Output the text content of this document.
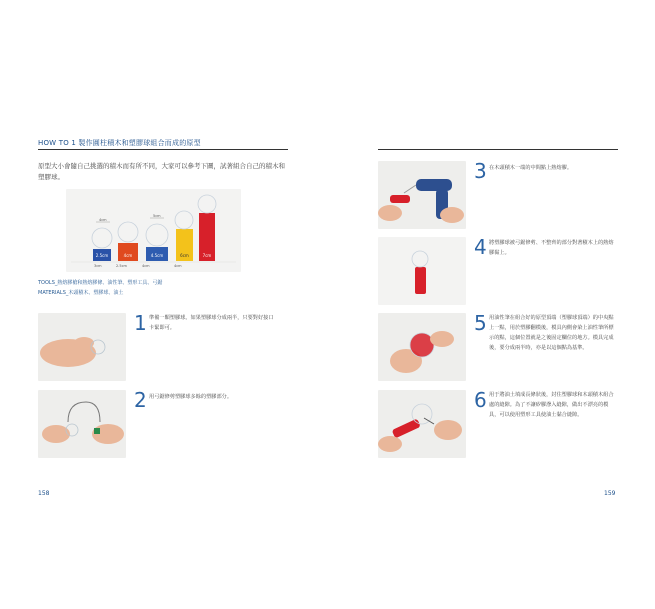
HOW TO 1 製作圓柱積木和塑膠球組合而成的原型
原型大小會隨自己挑選的積木而有所不同，大家可以參考下圖，試著組合自己的積木和塑膠球。
2.5cm	4cm	4.5cm	6cm	7cm
4cm
5cm
3cm	2.5cm	4cm	4cm
TOOLS_熱熔膠槍和熱熔膠條、油性筆、塑形工具、弓鋸
MATERIALS_木頭積木、塑膠球、油土
1 準備一顆塑膠球。如果塑膠球分成兩半，只要對好接口卡緊即可。
2 用弓鋸修剪塑膠球多餘的塑膠部分。
158
3 在木頭積木一端的中間點上熱熔膠。
4 將塑膠球被弓鋸修剪、不整齊的部分對著積木上的熱熔膠黏上。
5 用油性筆在組合好的原型頂端（塑膠球頂端）的中央點上一點，用於塑膠翻模後，模具內側會染上油性筆所標示的點，這個位置就是之後固定欄位的地方。模具完成後，要分成兩半時，亦是以這個點為基準。
6 用于將油土填成長條狀後，封住塑膠球和木頭積木組合處的縫隙。為了不讓矽膠滲入縫隙，做出不漂亮的模具，可以使用塑形工具使油土黏合縫隙。
159
